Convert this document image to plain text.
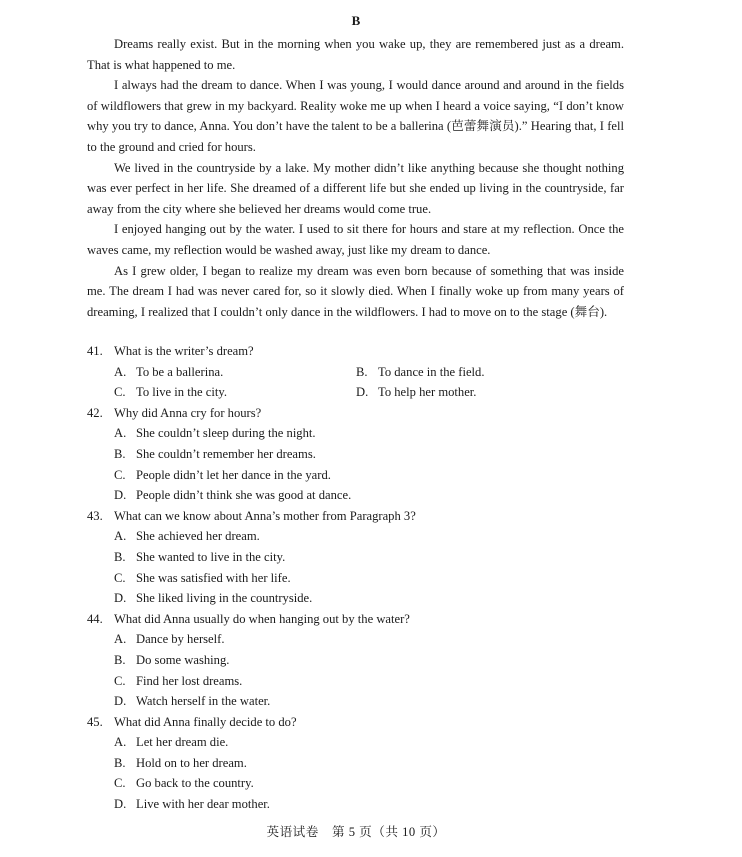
B

Dreams really exist. But in the morning when you wake up, they are remembered just as a dream. That is what happened to me.

I always had the dream to dance. When I was young, I would dance around and around in the fields of wildflowers that grew in my backyard. Reality woke me up when I heard a voice saying, “I don’t know why you try to dance, Anna. You don’t have the talent to be a ballerina (芭蕾舞演员).” Hearing that, I fell to the ground and cried for hours.

We lived in the countryside by a lake. My mother didn’t like anything because she thought nothing was ever perfect in her life. She dreamed of a different life but she ended up living in the countryside, far away from the city where she believed her dreams would come true.

I enjoyed hanging out by the water. I used to sit there for hours and stare at my reflection. Once the waves came, my reflection would be washed away, just like my dream to dance.

As I grew older, I began to realize my dream was even born because of something that was inside me. The dream I had was never cared for, so it slowly died. When I finally woke up from many years of dreaming, I realized that I couldn’t only dance in the wildflowers. I had to move on to the stage (舞台).

41. What is the writer’s dream?
A. To be a ballerina.	B. To dance in the field.
C. To live in the city.	D. To help her mother.
42. Why did Anna cry for hours?
A. She couldn’t sleep during the night.
B. She couldn’t remember her dreams.
C. People didn’t let her dance in the yard.
D. People didn’t think she was good at dance.
43. What can we know about Anna’s mother from Paragraph 3?
A. She achieved her dream.
B. She wanted to live in the city.
C. She was satisfied with her life.
D. She liked living in the countryside.
44. What did Anna usually do when hanging out by the water?
A. Dance by herself.
B. Do some washing.
C. Find her lost dreams.
D. Watch herself in the water.
45. What did Anna finally decide to do?
A. Let her dream die.
B. Hold on to her dream.
C. Go back to the country.
D. Live with her dear mother.
英语试卷　第 5 页（共 10 页）
